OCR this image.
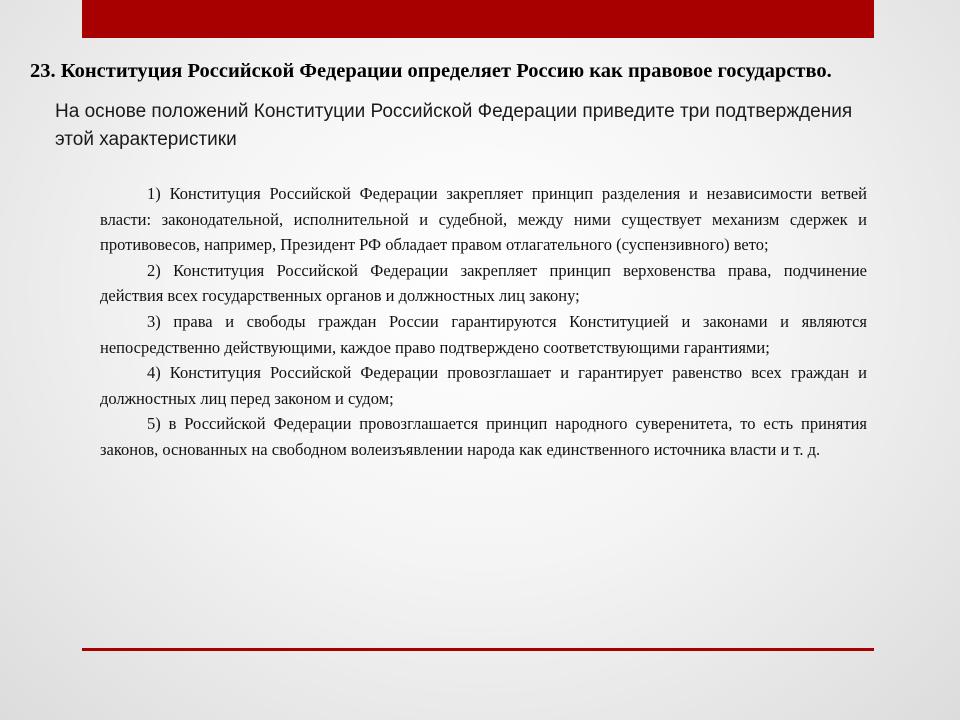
23. Конституция Российской Федерации определяет Россию как правовое государство.

На основе положений Конституции Российской Федерации приведите три подтверждения этой характеристики

1) Конституция Российской Федерации закрепляет принцип разделения и независимости ветвей власти: законодательной, исполнительной и судебной, между ними существует механизм сдержек и противовесов, например, Президент РФ обладает правом отлагательного (суспензивного) вето;
2) Конституция Российской Федерации закрепляет принцип верховенства права, подчинение действия всех государственных органов и должностных лиц закону;
3) права и свободы граждан России гарантируются Конституцией и законами и являются непосредственно действующими, каждое право подтверждено соответствующими гарантиями;
4) Конституция Российской Федерации провозглашает и гарантирует равенство всех граждан и должностных лиц перед законом и судом;
5) в Российской Федерации провозглашается принцип народного суверенитета, то есть принятия законов, основанных на свободном волеизъявлении народа как единственного источника власти и т. д.
